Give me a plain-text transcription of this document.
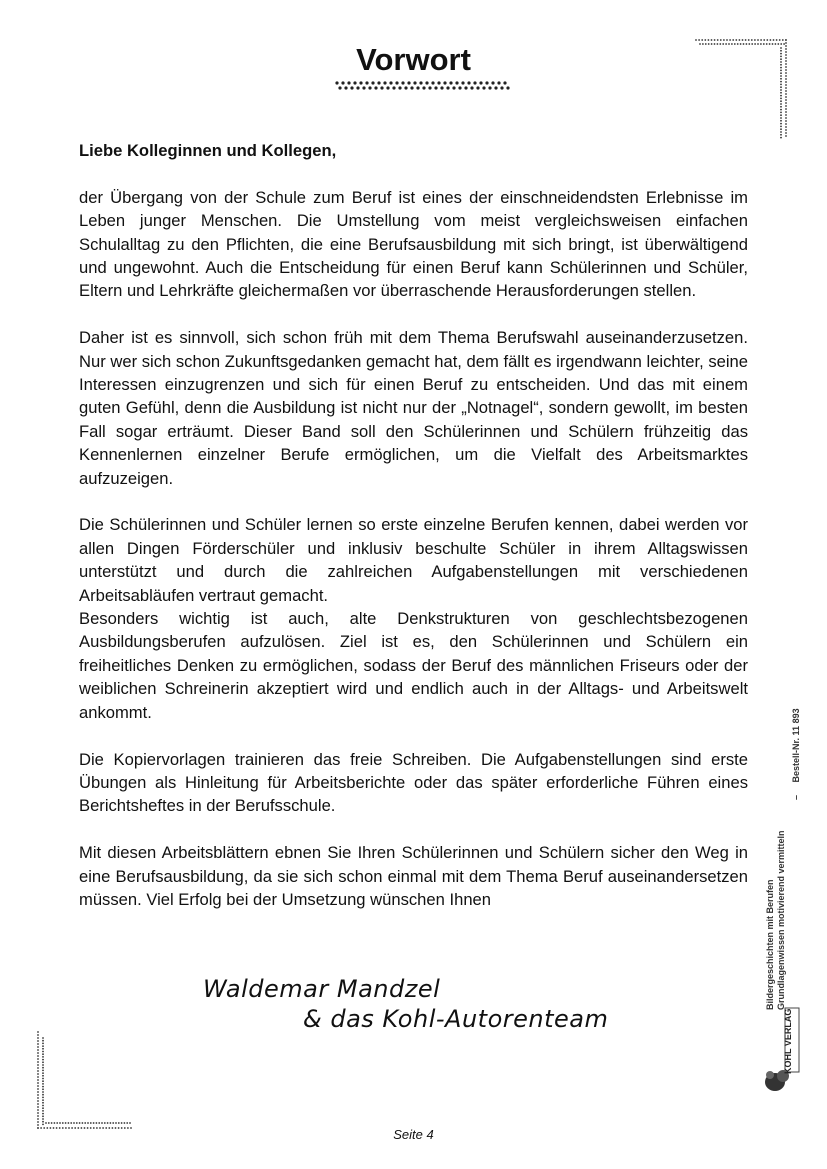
Vorwort

Liebe Kolleginnen und Kollegen,

der Übergang von der Schule zum Beruf ist eines der einschneidendsten Erlebnisse im Leben junger Menschen. Die Umstellung vom meist vergleichsweisen einfachen Schulalltag zu den Pflichten, die eine Berufsausbildung mit sich bringt, ist überwältigend und ungewohnt. Auch die Entscheidung für einen Beruf kann Schülerinnen und Schüler, Eltern und Lehrkräfte gleichermaßen vor überraschende Herausforderungen stellen.

Daher ist es sinnvoll, sich schon früh mit dem Thema Berufswahl auseinanderzusetzen. Nur wer sich schon Zukunftsgedanken gemacht hat, dem fällt es irgendwann leichter, seine Interessen einzugrenzen und sich für einen Beruf zu entscheiden. Und das mit einem guten Gefühl, denn die Ausbildung ist nicht nur der „Notnagel“, sondern gewollt, im besten Fall sogar erträumt. Dieser Band soll den Schülerinnen und Schülern frühzeitig das Kennenlernen einzelner Berufe ermöglichen, um die Vielfalt des Arbeitsmarktes aufzuzeigen.

Die Schülerinnen und Schüler lernen so erste einzelne Berufen kennen, dabei werden vor allen Dingen Förderschüler und inklusiv beschulte Schüler in ihrem Alltagswissen unterstützt und durch die zahlreichen Aufgabenstellungen mit verschiedenen Arbeitsabläufen vertraut gemacht.

Besonders wichtig ist auch, alte Denkstrukturen von geschlechtsbezogenen Ausbildungsberufen aufzulösen. Ziel ist es, den Schülerinnen und Schülern ein freiheitliches Denken zu ermöglichen, sodass der Beruf des männlichen Friseurs oder der weiblichen Schreinerin akzeptiert wird und endlich auch in der Alltags- und Arbeitswelt ankommt.

Die Kopiervorlagen trainieren das freie Schreiben. Die Aufgabenstellungen sind erste Übungen als Hinleitung für Arbeitsberichte oder das später erforderliche Führen eines Berichtsheftes in der Berufsschule.

Mit diesen Arbeitsblättern ebnen Sie Ihren Schülerinnen und Schülern sicher den Weg in eine Berufsausbildung, da sie sich schon einmal mit dem Thema Beruf auseinandersetzen müssen. Viel Erfolg bei der Umsetzung wünschen Ihnen

Waldemar Mandzel
& das Kohl-Autorenteam
Bildergeschichten mit Berufen Grundlagenwissen motivierend vermitteln
–     Bestell-Nr. 11 893
KOHL VERLAG
Seite 4
